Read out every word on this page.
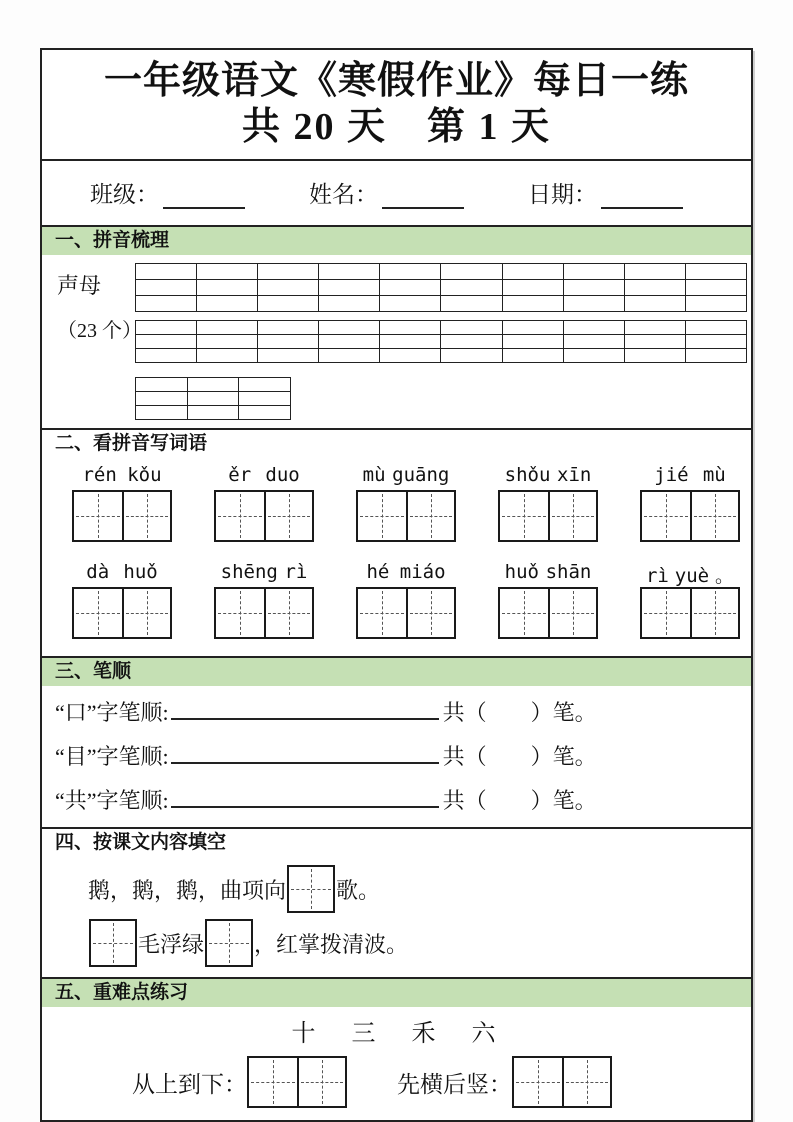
一年级语文《寒假作业》每日一练
共 20 天　第 1 天
班级：	姓名：	日期：
一、拼音梳理
声母
（23 个）

二、看拼音写词语
rén kǒu	ěr duo	mù guāng	shǒu xīn	jié mù
dà huǒ	shēng rì	hé miáo	huǒ shān	rì yuè 。
三、笔顺
“口”字笔顺:	共（　　）笔。
“目”字笔顺:	共（　　）笔。
“共”字笔顺:	共（　　）笔。
四、按课文内容填空
鹅，鹅，鹅，曲项向 歌。
毛浮绿 ，红掌拨清波。
五、重难点练习
十　三　禾　六
从上到下：	先横后竖：
